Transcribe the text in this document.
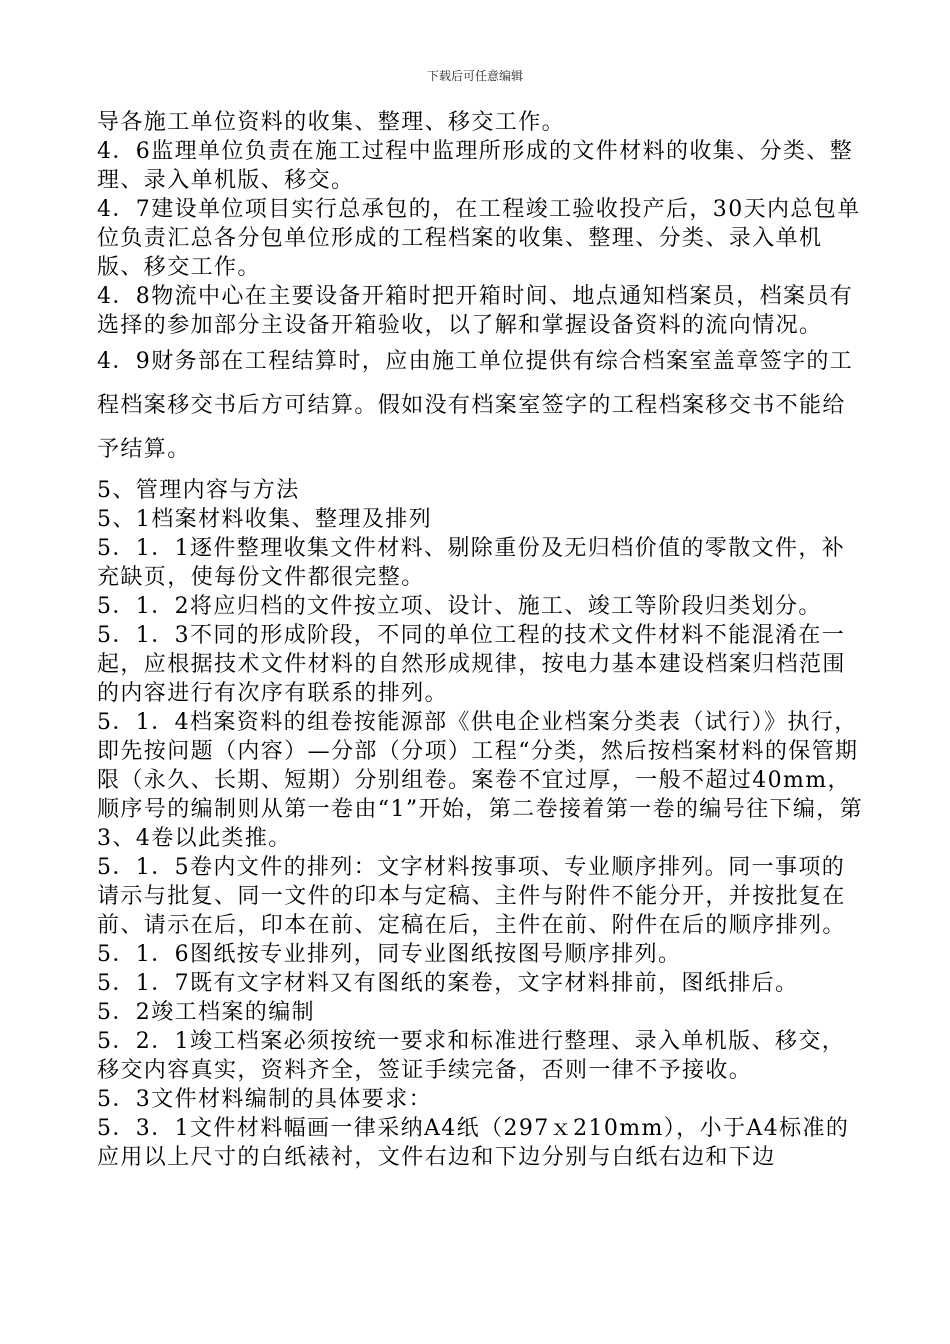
下载后可任意编辑

导各施工单位资料的收集、整理、移交工作。

4．6监理单位负责在施工过程中监理所形成的文件材料的收集、分类、整理、录入单机版、移交。

4．7建设单位项目实行总承包的，在工程竣工验收投产后，30天内总包单位负责汇总各分包单位形成的工程档案的收集、整理、分类、录入单机版、移交工作。

4．8物流中心在主要设备开箱时把开箱时间、地点通知档案员，档案员有选择的参加部分主设备开箱验收，以了解和掌握设备资料的流向情况。

4．9财务部在工程结算时，应由施工单位提供有综合档案室盖章签字的工程档案移交书后方可结算。假如没有档案室签字的工程档案移交书不能给予结算。

5、管理内容与方法

5、1档案材料收集、整理及排列

5．1．1逐件整理收集文件材料、剔除重份及无归档价值的零散文件，补充缺页，使每份文件都很完整。

5．1．2将应归档的文件按立项、设计、施工、竣工等阶段归类划分。

5．1．3不同的形成阶段，不同的单位工程的技术文件材料不能混淆在一起，应根据技术文件材料的自然形成规律，按电力基本建设档案归档范围的内容进行有次序有联系的排列。

5．1．4档案资料的组卷按能源部《供电企业档案分类表（试行）》执行，即先按问题（内容）—分部（分项）工程“分类，然后按档案材料的保管期限（永久、长期、短期）分别组卷。案卷不宜过厚，一般不超过40mm，顺序号的编制则从第一卷由“1”开始，第二卷接着第一卷的编号往下编，第3、4卷以此类推。

5．1．5卷内文件的排列：文字材料按事项、专业顺序排列。同一事项的请示与批复、同一文件的印本与定稿、主件与附件不能分开，并按批复在前、请示在后，印本在前、定稿在后，主件在前、附件在后的顺序排列。

5．1．6图纸按专业排列，同专业图纸按图号顺序排列。

5．1．7既有文字材料又有图纸的案卷，文字材料排前，图纸排后。

5．2竣工档案的编制

5．2．1竣工档案必须按统一要求和标准进行整理、录入单机版、移交，移交内容真实，资料齐全，签证手续完备，否则一律不予接收。

5．3文件材料编制的具体要求：

5．3．1文件材料幅画一律采纳A4纸（297ｘ210mm），小于A4标准的应用以上尺寸的白纸裱衬，文件右边和下边分别与白纸右边和下边
